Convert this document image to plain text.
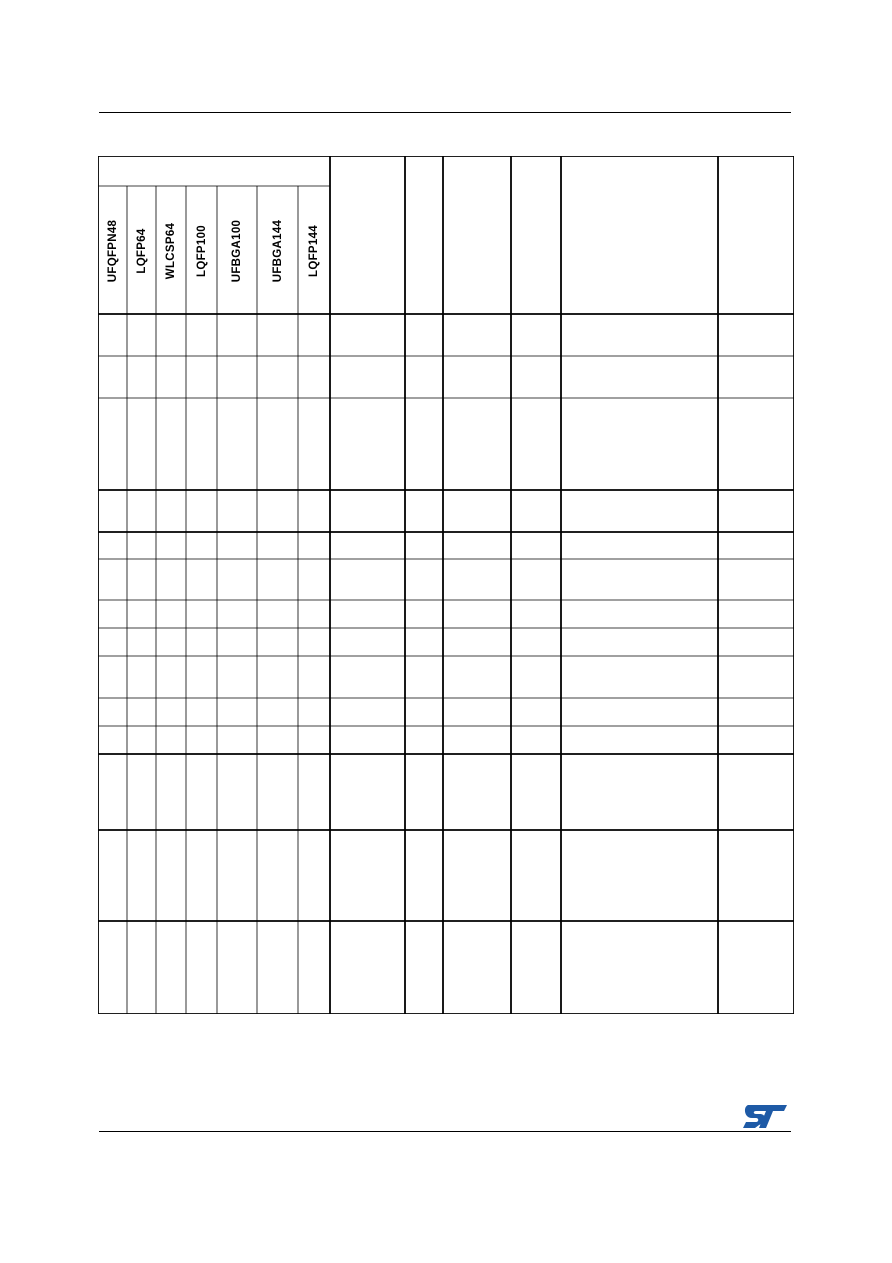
UFQFPN48 LQFP64 WLCSP64 LQFP100 UFBGA100 UFBGA144 LQFP144
